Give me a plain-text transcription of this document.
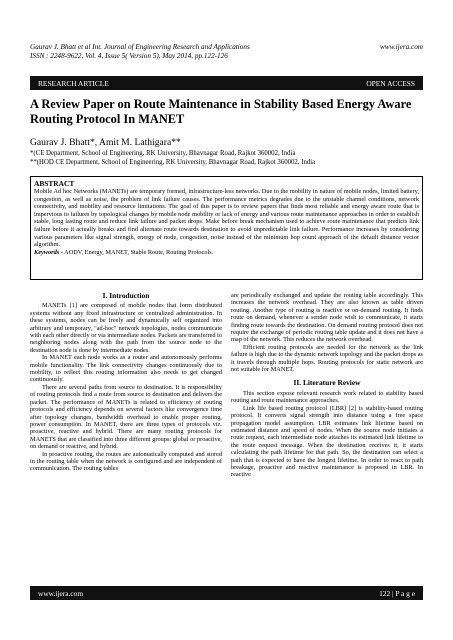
Gaurav J. Bhatt et al Int. Journal of Engineering Research and Applications
ISSN : 2248-9622, Vol. 4, Issue 5( Version 5), May 2014, pp.122-126
www.ijera.com
RESEARCH ARTICLE	OPEN ACCESS
A Review Paper on Route Maintenance in Stability Based Energy Aware Routing Protocol In MANET
Gaurav J. Bhatt*, Amit M. Lathigara**
*(CE Department, School of Engineering, RK University, Bhavnagar Road, Rajkot 360002, India
**(HOD CE Department, School of Engineering, RK University, Bhavnagar Road, Rajkot 360002, India
ABSTRACT
Mobile Ad hoc Networks (MANETs) are temporary formed, infrastructure-less networks. Due to the mobility in nature of mobile nodes, limited battery, congestion, as well as noise, the problem of link failure causes. The performance metrics degrades due to the unstable channel conditions, network connectivity, and mobility and resource limitations. The goal of this paper is to review papers that finds most reliable and energy aware route that is impervious to failures by topological changes by mobile node mobility or lack of energy and various route maintenance approaches in order to establish stable, long lasting route and reduce link failure and packet drops. Make before break mechanism used to achieve route maintenance that predicts link failure before it actually breaks and find alternate route towards destination to avoid unpredictable link failure. Performance increases by considering various parameters like signal strength, energy of node, congestion, noise instead of the minimum hop count approach of the default distance vector algorithm.
Keywords - AODV, Energy, MANET, Stable Route, Routing Protocols.
I. Introduction

MANETs [1] are composed of mobile nodes that form distributed systems without any fixed infrastructure or centralized administration. In these systems, nodes can be freely and dynamically self organized into arbitrary and temporary, "ad-hoc" network topologies, nodes communicate with each other directly or via intermediate nodes. Packets are transferred to neighboring nodes along with the path from the source node to the destination node is done by intermediate nodes.

In MANET each node works as a router and autonomously performs mobile functionality. The link connectivity changes continuously due to mobility, to reflect this routing information also needs to get changed continuously.

There are several paths from source to destination. It is responsibility of routing protocols find a route from source to destination and delivers the packet. The performance of MANETs is related to efficiency of routing protocols and efficiency depends on several factors like convergence time after topology changes, bandwidth overhead to enable proper routing, power consumption. In MANET, there are three types of protocols viz. proactive, reactive and hybrid. There are many routing protocols for MANETS that are classified into three different groups: global or proactive, on demand or reactive, and hybrid.

In proactive routing, the routes are automatically computed and stored in the routing table when the network is configured and are independent of communication. The routing tables

are periodically exchanged and update the routing table accordingly. This increases the network overhead. They are also known as table driven routing. Another type of routing is reactive or on-demand routing. It finds route on demand, whenever a sender node wish to communicate, it starts finding route towards the destination. On demand routing protocol does not require the exchange of periodic routing table update and it does not have a map of the network. This reduces the network overhead.

Efficient routing protocols are needed for the network as the link failure is high due to the dynamic network topology and the packet drops as it travels through multiple hops. Routing protocols for static network are not suitable for MANET.

II. Literature Review

This section expose relevant research work related to stability based routing and route maintenance approaches.

Link life based routing protocol (LBR) [2] is stability-based routing protocol. It converts signal strength into distance using a free space propagation model assumption. LBR estimates link lifetime based on estimated distance and speed of nodes. When the source node initiates a route request, each intermediate node attaches its estimated link lifetime to the route request message. When the destination receives it, it starts calculating the path lifetime for that path. So, the destination can select a path that is expected to have the longest lifetime. In order to react to path breakage, proactive and reactive maintenance is proposed in LBR. In reactive

www.ijera.com	122 | P a g e
